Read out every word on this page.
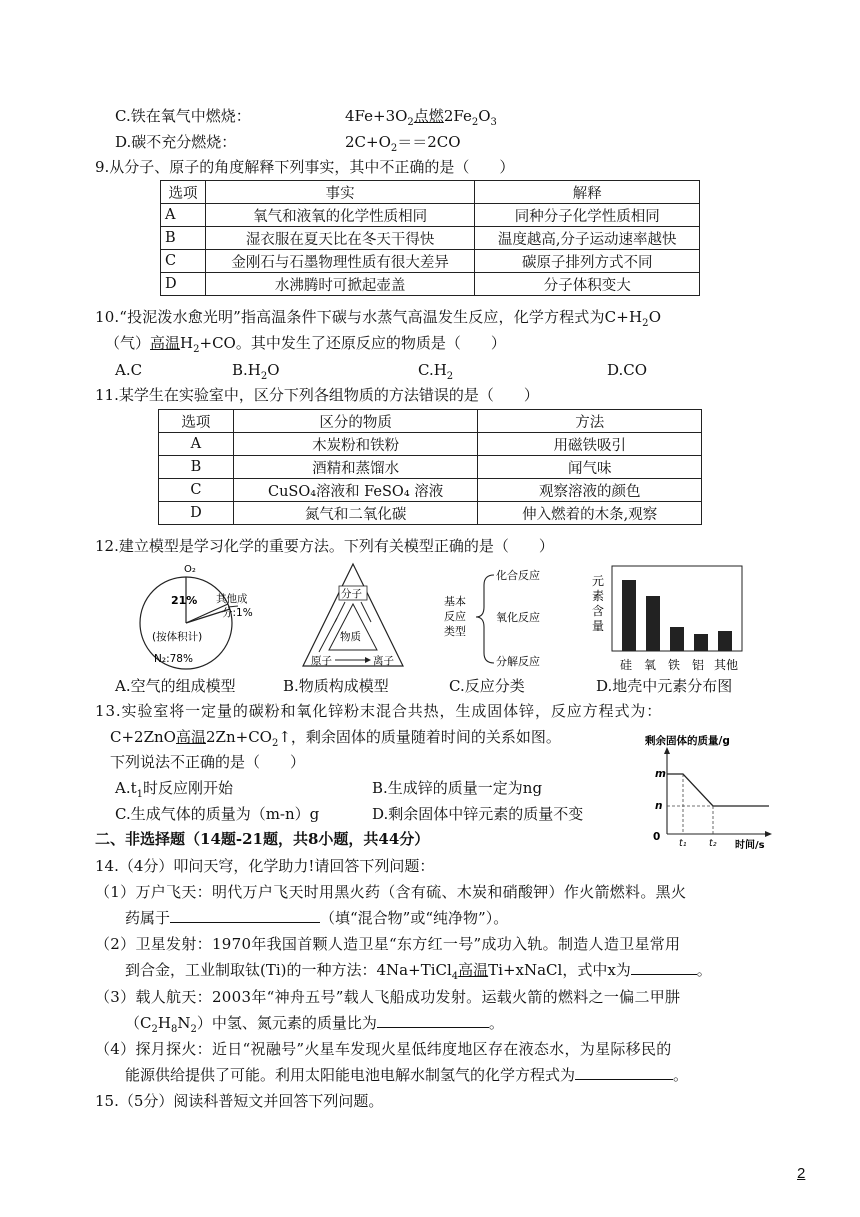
C.铁在氧气中燃烧：	$4Fe+3O_2$点燃$2Fe_2O_3$
D.碳不充分燃烧：	$2C+O_2==2CO$
9.从分子、原子的角度解释下列事实，其中不正确的是（　　）
选项	事实	解释
A	氧气和液氧的化学性质相同	同种分子化学性质相同
B	湿衣服在夏天比在冬天干得快	温度越高,分子运动速率越快
C	金刚石与石墨物理性质有很大差异	碳原子排列方式不同
D	水沸腾时可掀起壶盖	分子体积变大
10.“投泥泼水愈光明”指高温条件下碳与水蒸气高温发生反应，化学方程式为$C+H_2O$
（气）高温$H_2+CO$。其中发生了还原反应的物质是（　　）
A.C	$B.H_2O$	$C.H_2$	D.CO
11.某学生在实验室中，区分下列各组物质的方法错误的是（　　）
选项	区分的物质	方法
A	木炭粉和铁粉	用磁铁吸引
B	酒精和蒸馏水	闻气味
C	CuSO₄溶液和 FeSO₄ 溶液	观察溶液的颜色
D	氮气和二氧化碳	伸入燃着的木条,观察
12.建立模型是学习化学的重要方法。下列有关模型正确的是（　　）
O₂
21% 其他成
分:1%
(按体积计)
N₂:78%
分子
物质
原子	离子
基本
反应
类型
化合反应
氧化反应
分解反应
元
素
含
量
硅 氧 铁 铝 其他
A.空气的组成模型	B.物质构成模型	C.反应分类	D.地壳中元素分布图
13.实验室将一定量的碳粉和氧化锌粉末混合共热，生成固体锌，反应方程式为：
C+2ZnO高温$2Zn+CO_2↑$，剩余固体的质量随着时间的关系如图。
下列说法不正确的是（　　）
$A.t_1$时反应刚开始	B.生成锌的质量一定为ng
C.生成气体的质量为（m-n）g	D.剩余固体中锌元素的质量不变
剩余固体的质量/g
m
n
0
t₁ t₂ 时间/s
二、非选择题（14题-21题，共8小题，共44分）
14.（4分）叩问天穹，化学助力!请回答下列问题：
（1）万户飞天：明代万户飞天时用黑火药（含有硫、木炭和硝酸钾）作火箭燃料。黑火
药属于	（填“混合物”或“纯净物”）。
（2）卫星发射：1970年我国首颗人造卫星“东方红一号”成功入轨。制造人造卫星常用
到合金，工业制取钛(Ti)的一种方法：4Na+TiCl$_4$高温Ti+xNaCl，式中x为	。
（3）载人航天：2003年“神舟五号”载人飞船成功发射。运载火箭的燃料之一偏二甲肼
$(C_2H_8N_2)$中氢、氮元素的质量比为	。
（4）探月探火：近日“祝融号”火星车发现火星低纬度地区存在液态水，为星际移民的
能源供给提供了可能。利用太阳能电池电解水制氢气的化学方程式为	。
15.（5分）阅读科普短文并回答下列问题。
2
